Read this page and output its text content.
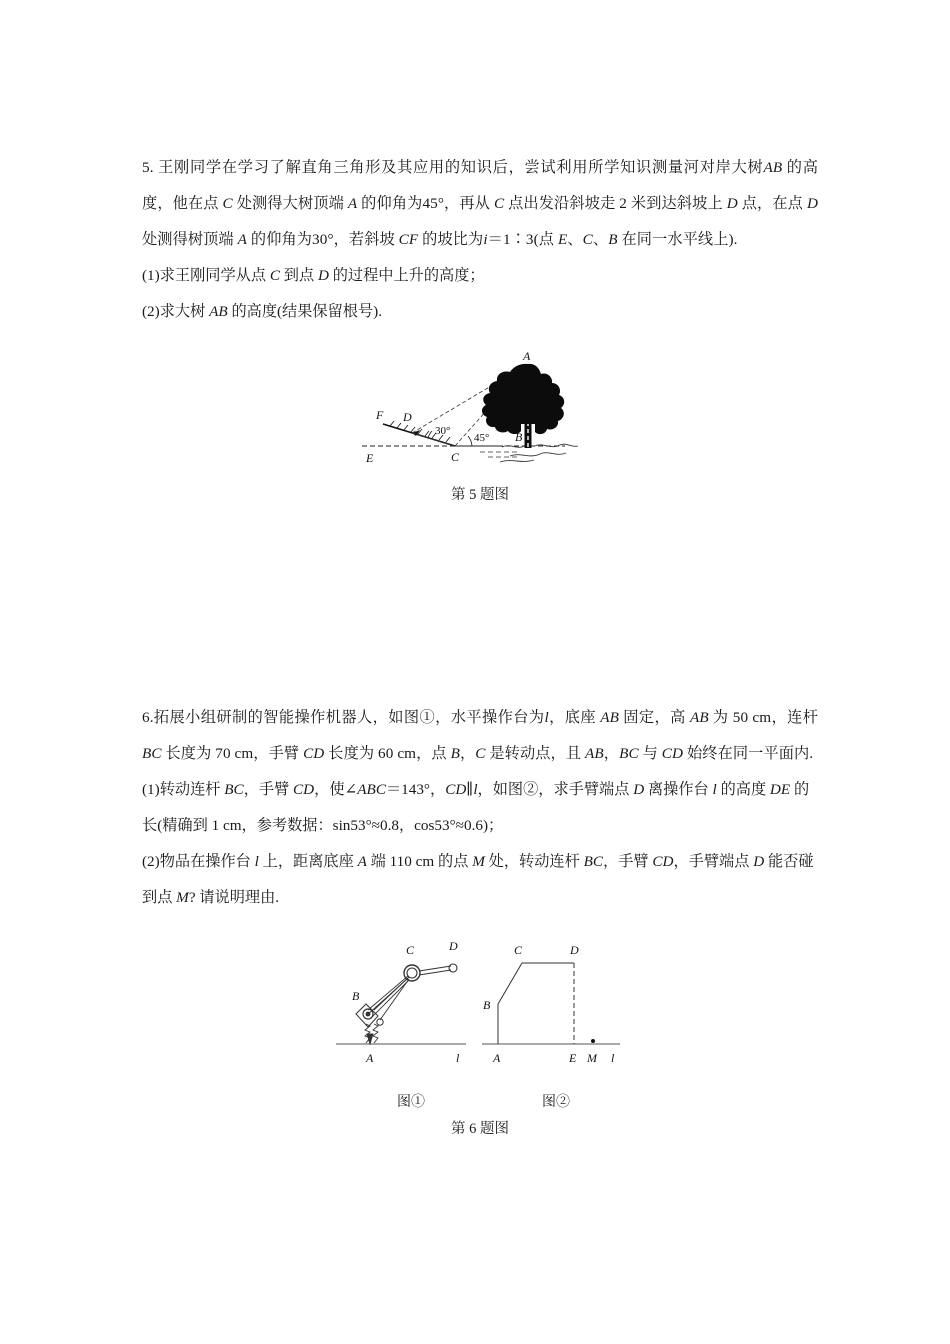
5. 王刚同学在学习了解直角三角形及其应用的知识后，尝试利用所学知识测量河对岸大树AB 的高度，他在点 C 处测得大树顶端 A 的仰角为45°，再从 C 点出发沿斜坡走 2 米到达斜坡上 D 点，在点 D 处测得树顶端 A 的仰角为30°，若斜坡 CF 的坡比为i＝1∶3(点 E、C、B 在同一水平线上).

(1)求王刚同学从点 C 到点 D 的过程中上升的高度；

(2)求大树 AB 的高度(结果保留根号).

30°
45°
A
B
C
D
E
F
第 5 题图

6.拓展小组研制的智能操作机器人，如图①，水平操作台为l，底座 AB 固定，高 AB 为 50 cm，连杆 BC 长度为 70 cm，手臂 CD 长度为 60 cm，点 B，C 是转动点，且 AB，BC 与 CD 始终在同一平面内.

(1)转动连杆 BC，手臂 CD，使∠ABC＝143°，CD∥l，如图②，求手臂端点 D 离操作台 l 的高度 DE 的长(精确到 1 cm，参考数据：sin53°≈0.8，cos53°≈0.6)；

(2)物品在操作台 l 上，距离底座 A 端 110 cm 的点 M 处，转动连杆 BC，手臂 CD，手臂端点 D 能否碰到点 M? 请说明理由.

A
B
C	D
l	A
B
C	D
E M l
图①	图②
第 6 题图
